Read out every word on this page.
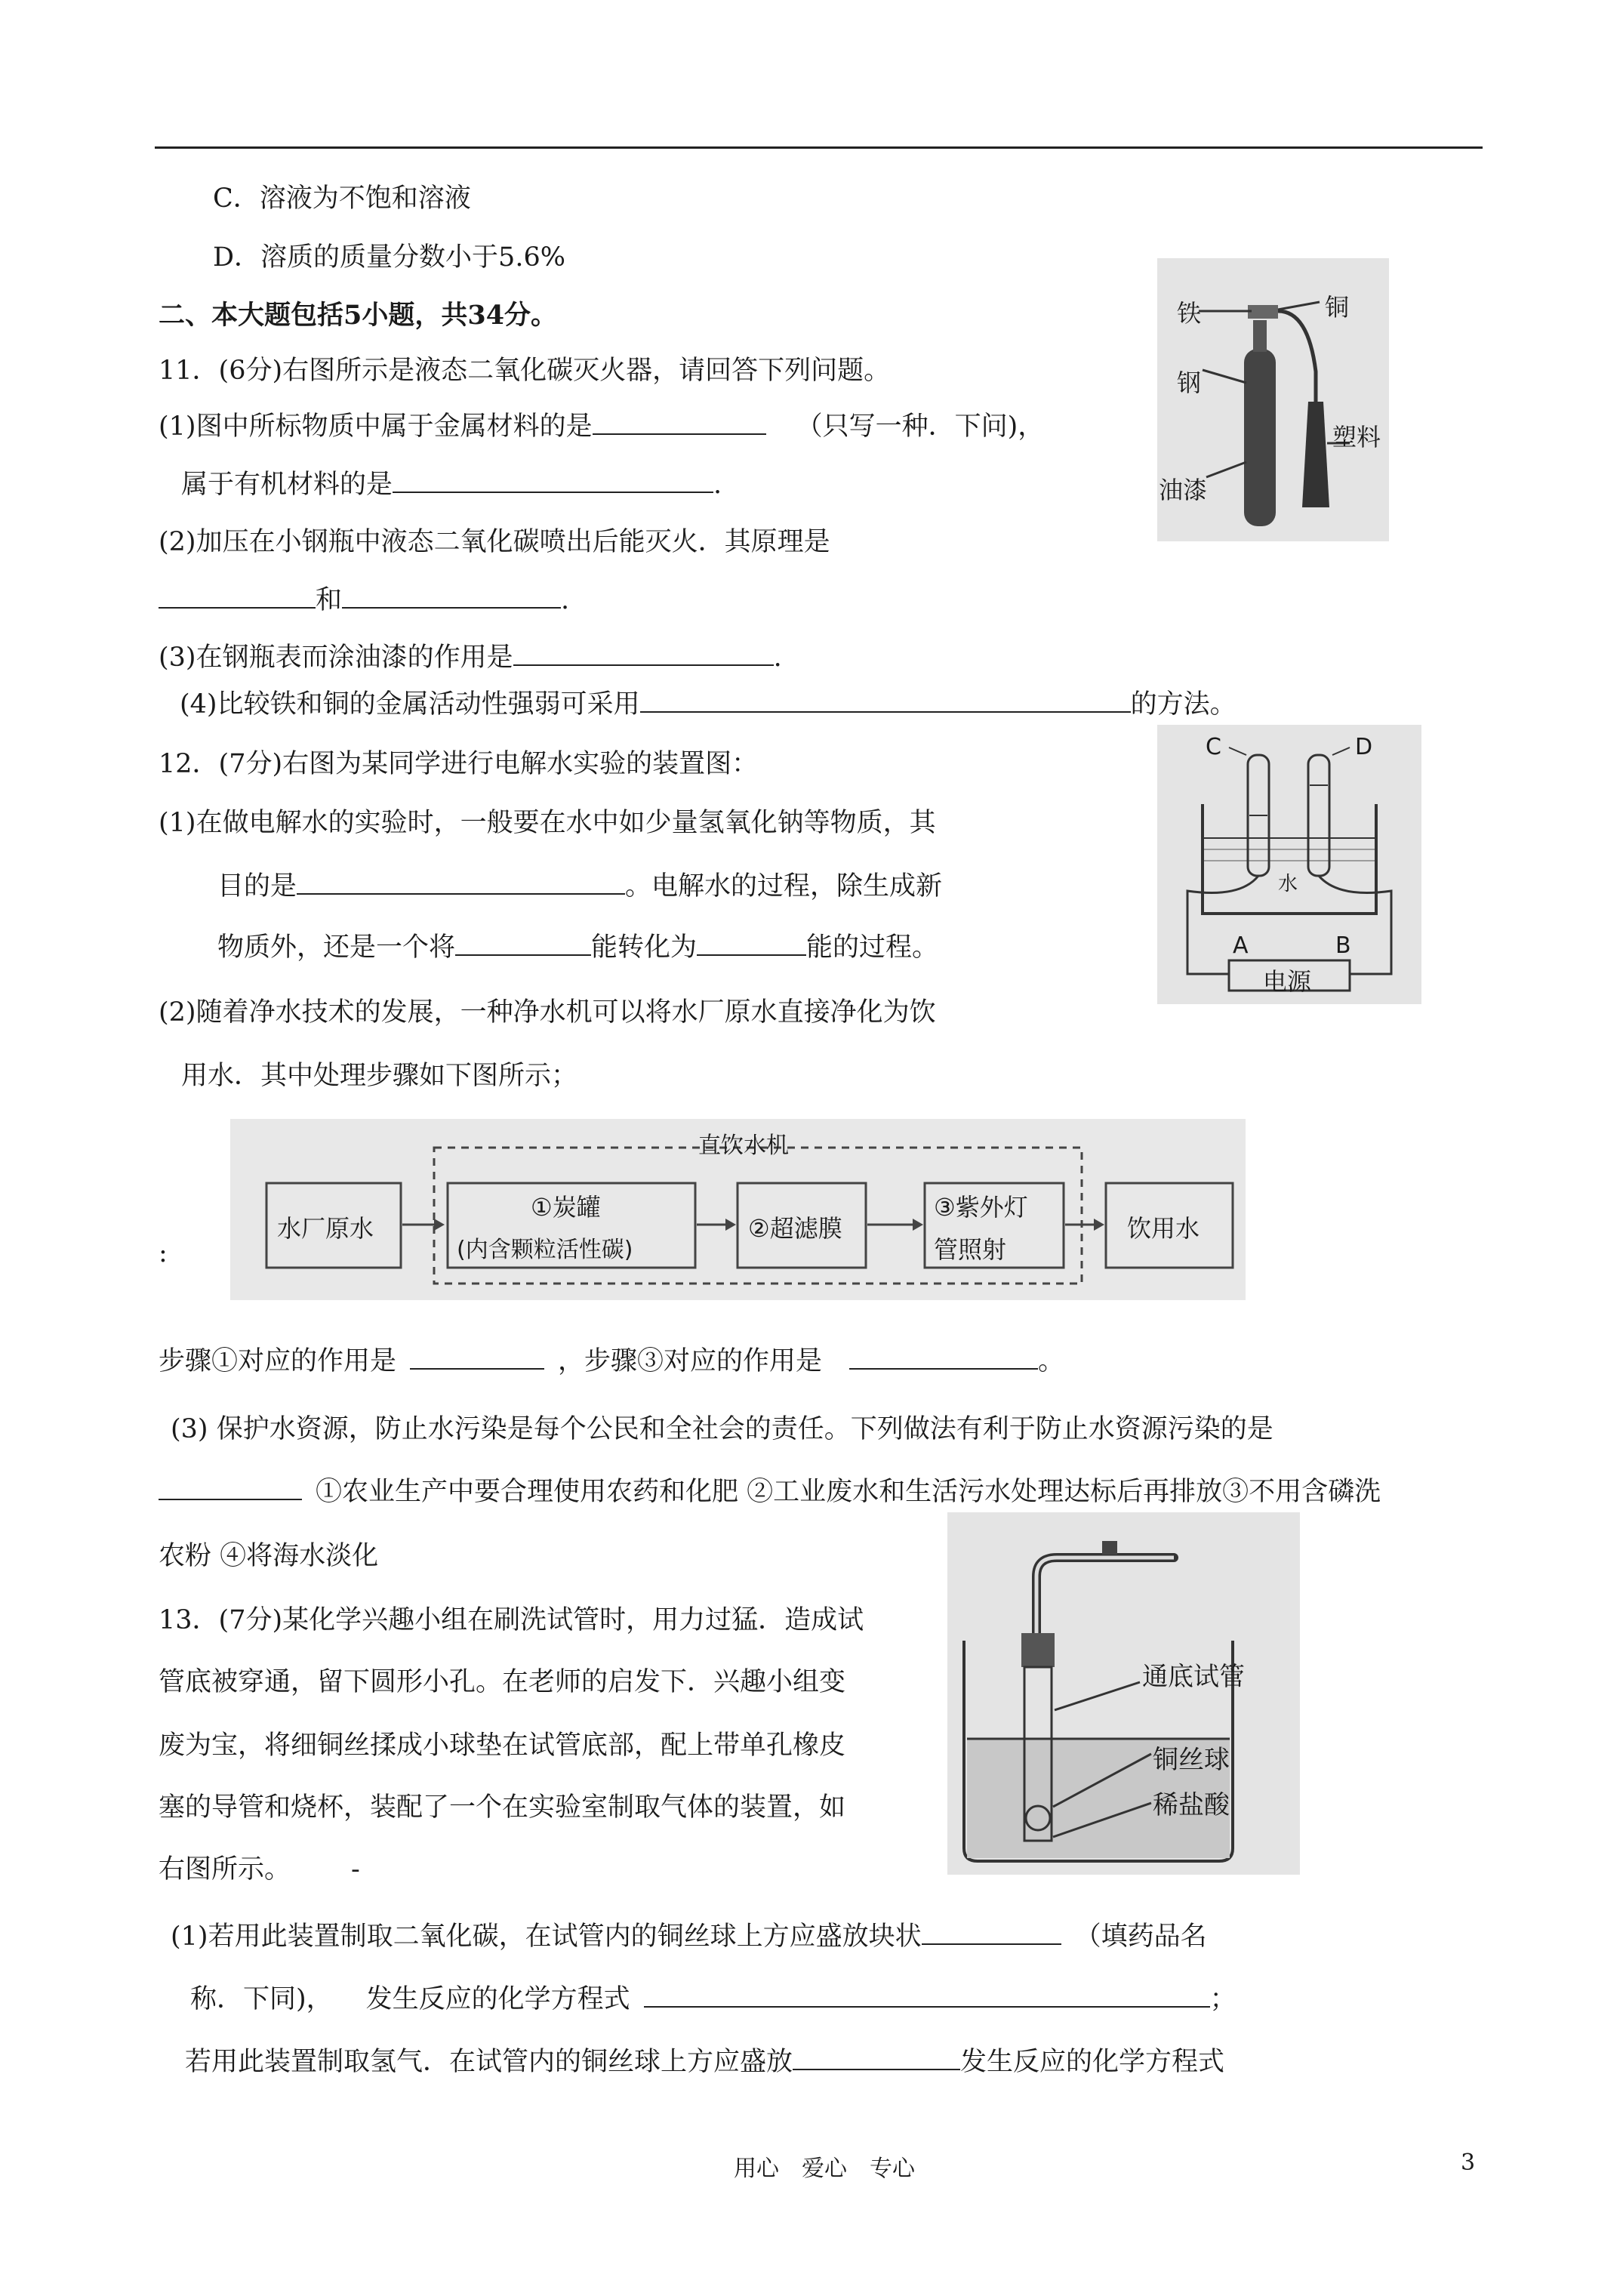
C．溶液为不饱和溶液
D．溶质的质量分数小于5.6%
二、本大题包括5小题，共34分。
11．(6分)右图所示是液态二氧化碳灭火器，请回答下列问题。
(1)图中所标物质中属于金属材料的是	（只写一种．下问)，
属于有机材料的是	.
(2)加压在小钢瓶中液态二氧化碳喷出后能灭火．其原理是
和	.
(3)在钢瓶表而涂油漆的作用是	.
(4)比较铁和铜的金属活动性强弱可采用	的方法。
铁	铜
钢
塑料
油漆
12．(7分)右图为某同学进行电解水实验的装置图：
(1)在做电解水的实验时，一般要在水中如少量氢氧化钠等物质，其
目的是	。电解水的过程，除生成新
物质外，还是一个将	能转化为	能的过程。
(2)随着净水技术的发展，一种净水机可以将水厂原水直接净化为饮
用水．其中处理步骤如下图所示；
C	D
水
A	B
电源
:
直饮水机
水厂原水
①炭罐
(内含颗粒活性碳)
②超滤膜
③紫外灯
管照射
饮用水
步骤①对应的作用是	，步骤③对应的作用是	。
(3) 保护水资源，防止水污染是每个公民和全社会的责任。下列做法有利于防止水资源污染的是
①农业生产中要合理使用农药和化肥 ②工业废水和生活污水处理达标后再排放③不用含磷洗
农粉 ④将海水淡化
13．(7分)某化学兴趣小组在刷洗试管时，用力过猛．造成试
管底被穿通，留下圆形小孔。在老师的启发下．兴趣小组变
废为宝，将细铜丝揉成小球垫在试管底部，配上带单孔橡皮
塞的导管和烧杯，装配了一个在实验室制取气体的装置，如
右图所示。 -
通底试管
铜丝球
稀盐酸
(1)若用此装置制取二氧化碳，在试管内的铜丝球上方应盛放块状	（填药品名
称．下同)， 发生反应的化学方程式	；
若用此装置制取氢气．在试管内的铜丝球上方应盛放	发生反应的化学方程式
用心　爱心　专心	3
